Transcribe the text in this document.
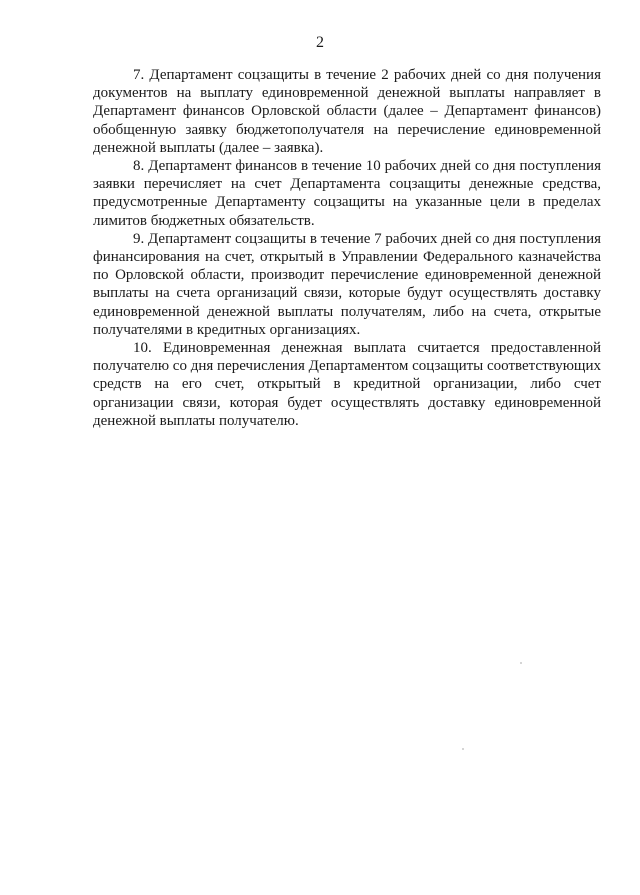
2

7. Департамент соцзащиты в течение 2 рабочих дней со дня получения документов на выплату единовременной денежной выплаты направляет в Департамент финансов Орловской области (далее – Департамент финансов) обобщенную заявку бюджетополучателя на перечисление единовременной денежной выплаты (далее – заявка).

8. Департамент финансов в течение 10 рабочих дней со дня поступления заявки перечисляет на счет Департамента соцзащиты денежные средства, предусмотренные Департаменту соцзащиты на указанные цели в пределах лимитов бюджетных обязательств.

9. Департамент соцзащиты в течение 7 рабочих дней со дня поступления финансирования на счет, открытый в Управлении Федерального казначейства по Орловской области, производит перечисление единовременной денежной выплаты на счета организаций связи, которые будут осуществлять доставку единовременной денежной выплаты получателям, либо на счета, открытые получателями в кредитных организациях.

10. Единовременная денежная выплата считается предоставленной получателю со дня перечисления Департаментом соцзащиты соответствующих средств на его счет, открытый в кредитной организации, либо счет организации связи, которая будет осуществлять доставку единовременной денежной выплаты получателю.
